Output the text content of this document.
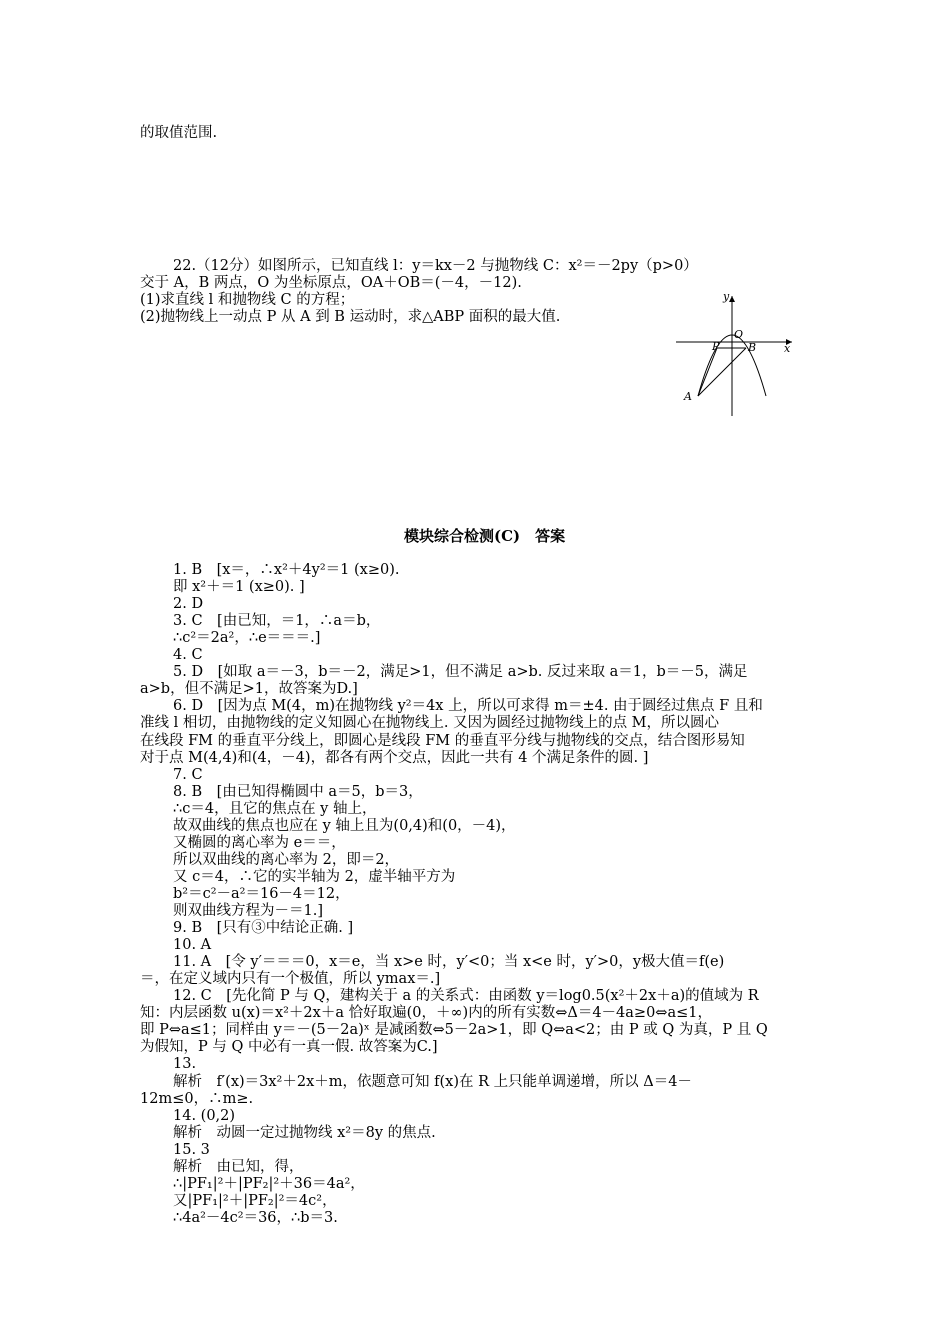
的取值范围.
22.（12分）如图所示，已知直线 l：y＝kx－2 与抛物线 C：x²＝－2py（p>0）
交于 A，B 两点，O 为坐标原点，OA＋OB＝(－4，－12).
(1)求直线 l 和抛物线 C 的方程；
(2)抛物线上一动点 P 从 A 到 B 运动时，求△ABP 面积的最大值.
y
O
P	B	x
A
模块综合检测(C)　答案
1. B　[x＝，∴x²＋4y²＝1 (x≥0).
即 x²＋＝1 (x≥0). ]
2. D
3. C　[由已知，＝1，∴a＝b，
∴c²＝2a²，∴e＝＝＝.]
4. C
5. D　[如取 a＝－3，b＝－2，满足>1，但不满足 a>b. 反过来取 a＝1，b＝－5，满足
a>b，但不满足>1，故答案为D.]
6. D　[因为点 M(4，m)在抛物线 y²＝4x 上，所以可求得 m＝±4. 由于圆经过焦点 F 且和
准线 l 相切，由抛物线的定义知圆心在抛物线上. 又因为圆经过抛物线上的点 M，所以圆心
在线段 FM 的垂直平分线上，即圆心是线段 FM 的垂直平分线与抛物线的交点，结合图形易知
对于点 M(4,4)和(4，－4)，都各有两个交点，因此一共有 4 个满足条件的圆. ]
7. C
8. B　[由已知得椭圆中 a＝5，b＝3，
∴c＝4，且它的焦点在 y 轴上，
故双曲线的焦点也应在 y 轴上且为(0,4)和(0，－4)，
又椭圆的离心率为 e＝＝，
所以双曲线的离心率为 2，即＝2，
又 c＝4，∴它的实半轴为 2，虚半轴平方为
b²＝c²－a²＝16－4＝12，
则双曲线方程为－＝1.]
9. B　[只有③中结论正确. ]
10. A
11. A　[令 y′＝＝＝0，x＝e，当 x>e 时，y′<0；当 x<e 时，y′>0，y极大值＝f(e)
＝，在定义域内只有一个极值，所以 ymax＝.]
12. C　[先化简 P 与 Q，建构关于 a 的关系式：由函数 y＝log0.5(x²＋2x＋a)的值域为 R
知：内层函数 u(x)＝x²＋2x＋a 恰好取遍(0，＋∞)内的所有实数⇔Δ＝4－4a≥0⇔a≤1，
即 P⇔a≤1；同样由 y＝－(5－2a)ˣ 是减函数⇔5－2a>1，即 Q⇔a<2；由 P 或 Q 为真，P 且 Q
为假知，P 与 Q 中必有一真一假. 故答案为C.]
13.
解析　f′(x)＝3x²＋2x＋m，依题意可知 f(x)在 R 上只能单调递增，所以 Δ＝4－
12m≤0，∴m≥.
14. (0,2)
解析　动圆一定过抛物线 x²＝8y 的焦点.
15. 3
解析　由已知，得，
∴|PF₁|²＋|PF₂|²＋36＝4a²，
又|PF₁|²＋|PF₂|²＝4c²，
∴4a²－4c²＝36，∴b＝3.
